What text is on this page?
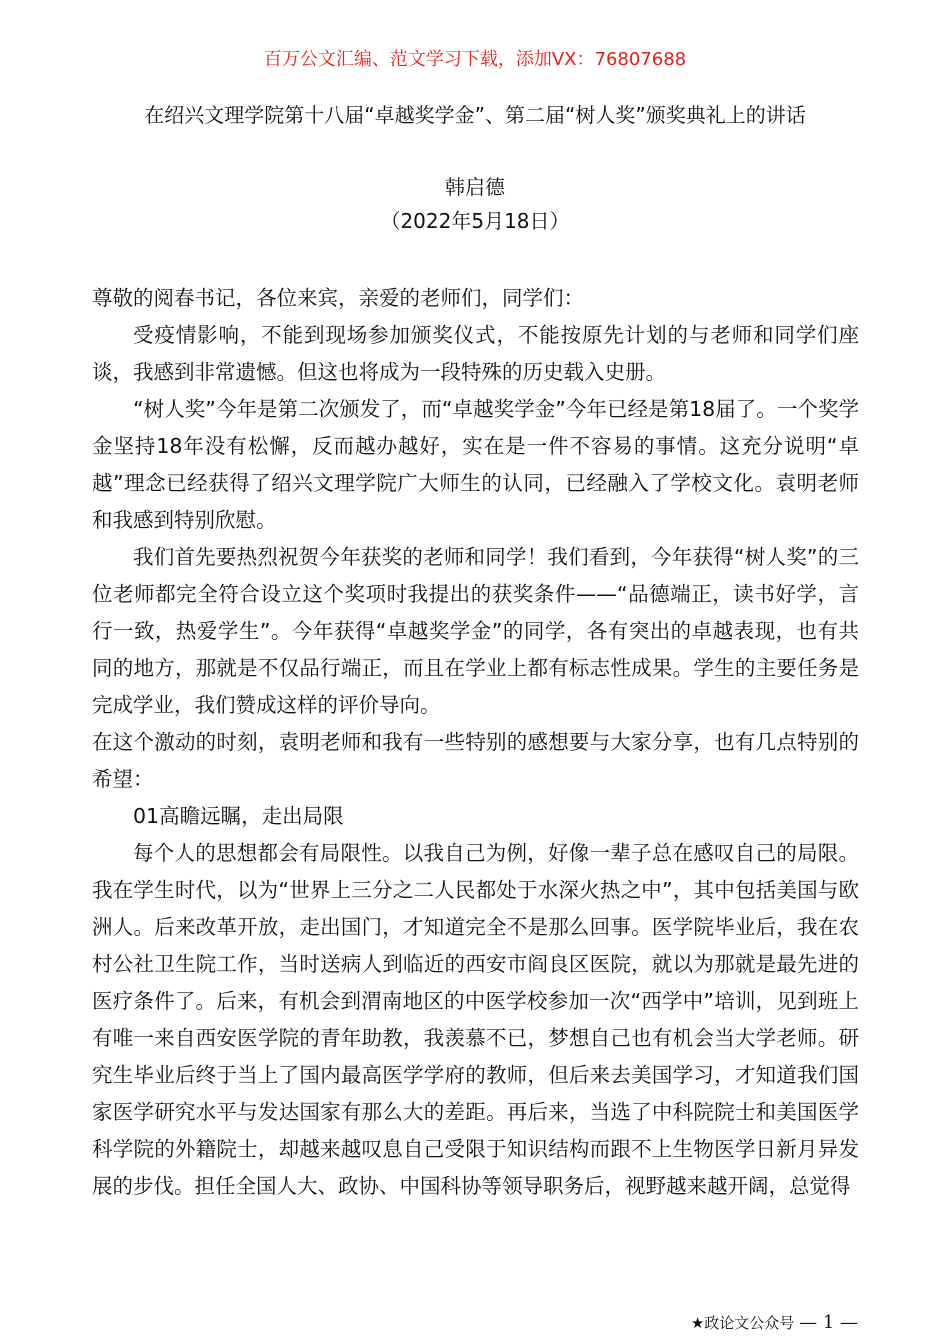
百万公文汇编、范文学习下载，添加VX：76807688
在绍兴文理学院第十八届“卓越奖学金”、第二届“树人奖”颁奖典礼上的讲话
韩启德
（2022年5月18日）

尊敬的阅春书记，各位来宾，亲爱的老师们，同学们：

受疫情影响，不能到现场参加颁奖仪式，不能按原先计划的与老师和同学们座谈，我感到非常遗憾。但这也将成为一段特殊的历史载入史册。

“树人奖”今年是第二次颁发了，而“卓越奖学金”今年已经是第18届了。一个奖学金坚持18年没有松懈，反而越办越好，实在是一件不容易的事情。这充分说明“卓越”理念已经获得了绍兴文理学院广大师生的认同，已经融入了学校文化。袁明老师和我感到特别欣慰。

我们首先要热烈祝贺今年获奖的老师和同学！我们看到，今年获得“树人奖”的三位老师都完全符合设立这个奖项时我提出的获奖条件——“品德端正，读书好学，言行一致，热爱学生”。今年获得“卓越奖学金”的同学，各有突出的卓越表现，也有共同的地方，那就是不仅品行端正，而且在学业上都有标志性成果。学生的主要任务是完成学业，我们赞成这样的评价导向。

在这个激动的时刻，袁明老师和我有一些特别的感想要与大家分享，也有几点特别的希望：

01高瞻远瞩，走出局限

每个人的思想都会有局限性。以我自己为例，好像一辈子总在感叹自己的局限。我在学生时代，以为“世界上三分之二人民都处于水深火热之中”，其中包括美国与欧洲人。后来改革开放，走出国门，才知道完全不是那么回事。医学院毕业后，我在农村公社卫生院工作，当时送病人到临近的西安市阎良区医院，就以为那就是最先进的医疗条件了。后来，有机会到渭南地区的中医学校参加一次“西学中”培训，见到班上有唯一来自西安医学院的青年助教，我羡慕不已，梦想自己也有机会当大学老师。研究生毕业后终于当上了国内最高医学学府的教师，但后来去美国学习，才知道我们国家医学研究水平与发达国家有那么大的差距。再后来，当选了中科院院士和美国医学科学院的外籍院士，却越来越叹息自己受限于知识结构而跟不上生物医学日新月异发展的步伐。担任全国人大、政协、中国科协等领导职务后，视野越来越开阔，总觉得

★政论文公众号 — 1 —
